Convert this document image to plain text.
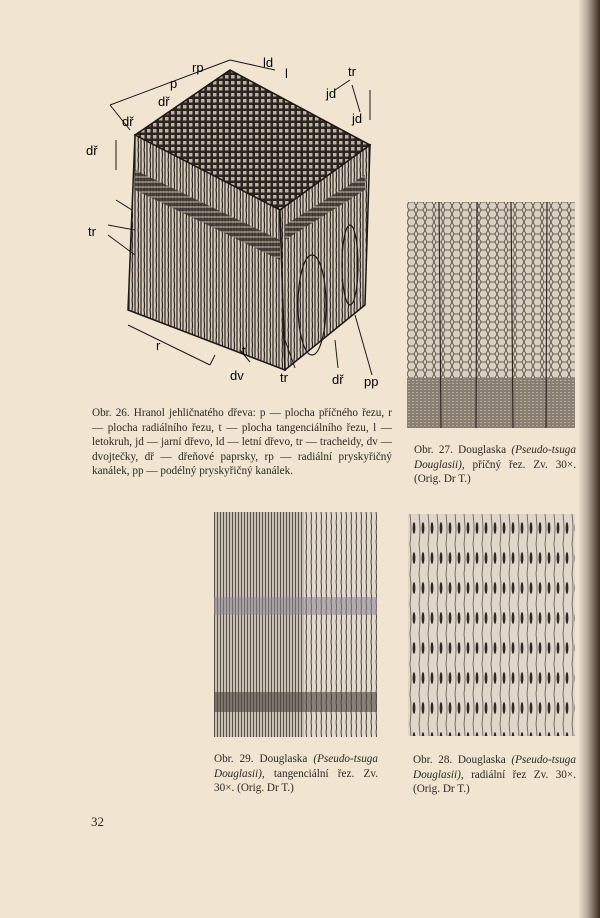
rp
p
ld
l	tr
dř
dř
jd
jd
dř
tr
r	t
dv	tr	dř pp
Obr. 26. Hranol jehličnatého dřeva: p — plocha příčného řezu, r — plocha radiálního řezu, t — plocha tangenciálního řezu, l — letokruh, jd — jarní dřevo, ld — letní dřevo, tr — tracheidy, dv — dvojtečky, dř — dřeňové paprsky, rp — radiální pryskyřičný kanálek, pp — podélný pryskyřičný kanálek.
Obr. 27. Douglaska (Pseudo-tsuga Douglasii), příčný řez. Zv. 30×. (Orig. Dr T.)
Obr. 29. Douglaska (Pseudo-tsuga Douglasii), tangenciální řez. Zv. 30×. (Orig. Dr T.)
Obr. 28. Douglaska (Pseudo-tsuga Douglasii), radiální řez Zv. 30×.(Orig. Dr T.)
32
